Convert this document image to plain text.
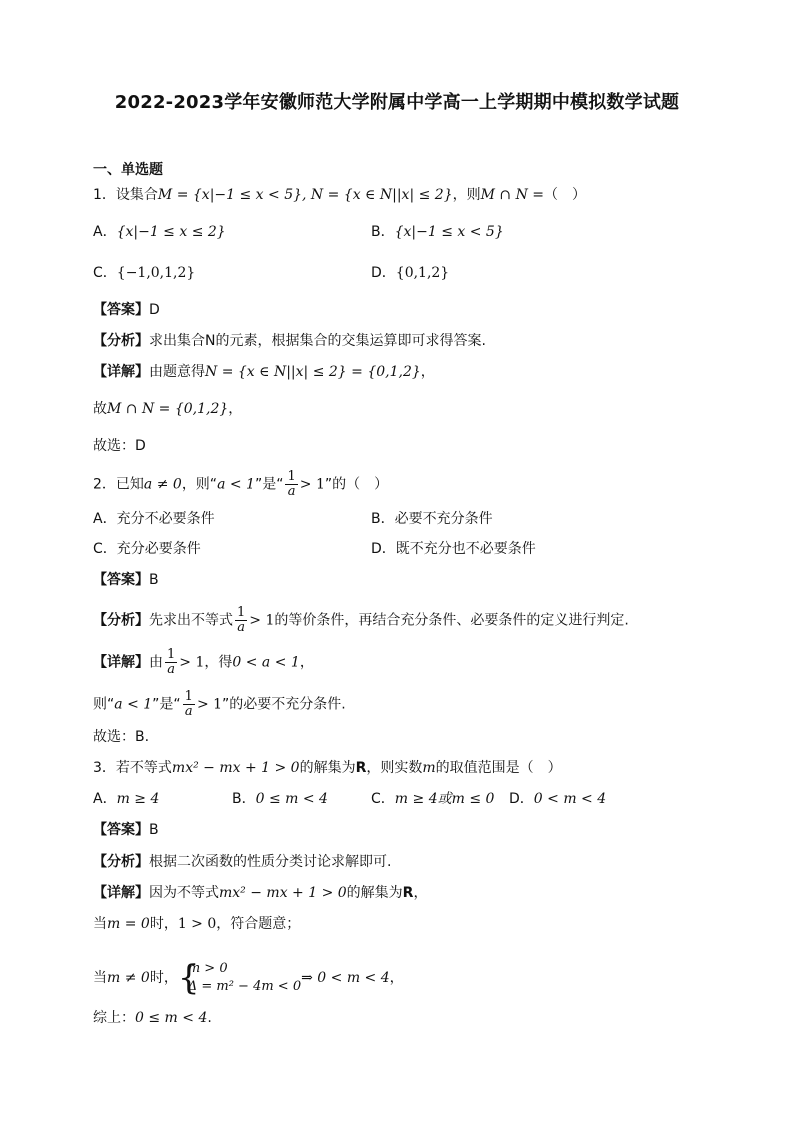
2022-2023学年安徽师范大学附属中学高一上学期期中模拟数学试题
一、单选题
1．设集合M = {x|−1 ≤ x < 5}, N = {x ∈ N||x| ≤ 2}，则M ∩ N =（　）
A．{x|−1 ≤ x ≤ 2}	B．{x|−1 ≤ x < 5}
C．{−1,0,1,2}	D．{0,1,2}
【答案】D
【分析】求出集合N的元素，根据集合的交集运算即可求得答案.
【详解】由题意得N = {x ∈ N||x| ≤ 2} = {0,1,2}，
故M ∩ N = {0,1,2}，
故选：D
2．已知a ≠ 0，则“a < 1”是“ $\frac{1}{a} > 1$”的（　）
A．充分不必要条件	B．必要不充分条件
C．充分必要条件	D．既不充分也不必要条件
【答案】B
【分析】先求出不等式 $\frac{1}{a} > 1$的等价条件，再结合充分条件、必要条件的定义进行判定.
【详解】由 $\frac{1}{a} > 1$，得0 < a < 1，
则“a < 1”是“ $\frac{1}{a} > 1$”的必要不充分条件.
故选：B.
3．若不等式mx² − mx + 1 > 0的解集为R，则实数m的取值范围是（　）
A．m ≥ 4	B．0 ≤ m < 4	C．m ≥ 4或m ≤ 0 D．0 < m < 4
【答案】B
【分析】根据二次函数的性质分类讨论求解即可.
【详解】因为不等式mx² − mx + 1 > 0的解集为R，
当m = 0时，1 > 0，符合题意；
当m ≠ 0时， {
m > 0
Δ = m² − 4m < 0
⇒ 0 < m < 4，
综上：0 ≤ m < 4.
